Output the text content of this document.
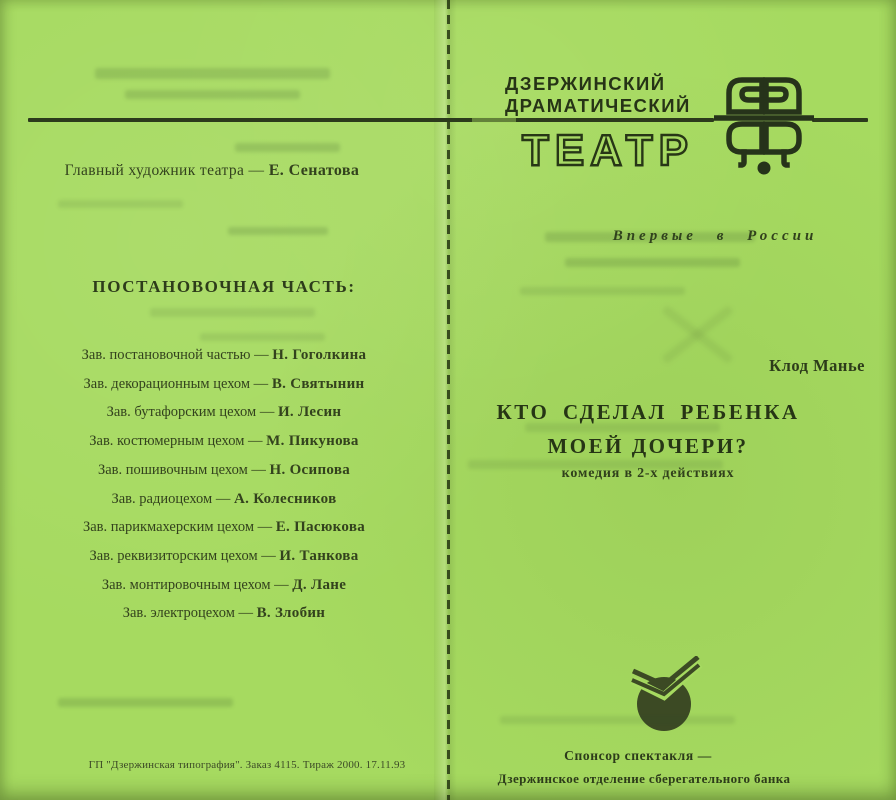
Главный художник театра — Е. Сенатова
ПОСТАНОВОЧНАЯ ЧАСТЬ:
Зав. постановочной частью — Н. Гоголкина
Зав. декорационным цехом — В. Святынин
Зав. бутафорским цехом — И. Лесин
Зав. костюмерным цехом — М. Пикунова
Зав. пошивочным цехом — Н. Осипова
Зав. радиоцехом — А. Колесников
Зав. парикмахерским цехом — Е. Пасюкова
Зав. реквизиторским цехом — И. Танкова
Зав. монтировочным цехом — Д. Лане
Зав. электроцехом — В. Злобин
ГП "Дзержинская типография". Заказ 4115. Тираж 2000. 17.11.93
ДЗЕРЖИНСКИЙ
ДРАМАТИЧЕСКИЙ
ТЕАТР
Впервые в России
Клод Манье
КТО СДЕЛАЛ РЕБЕНКА
МОЕЙ ДОЧЕРИ?
комедия в 2-х действиях
Спонсор спектакля —
Дзержинское отделение сберегательного банка
